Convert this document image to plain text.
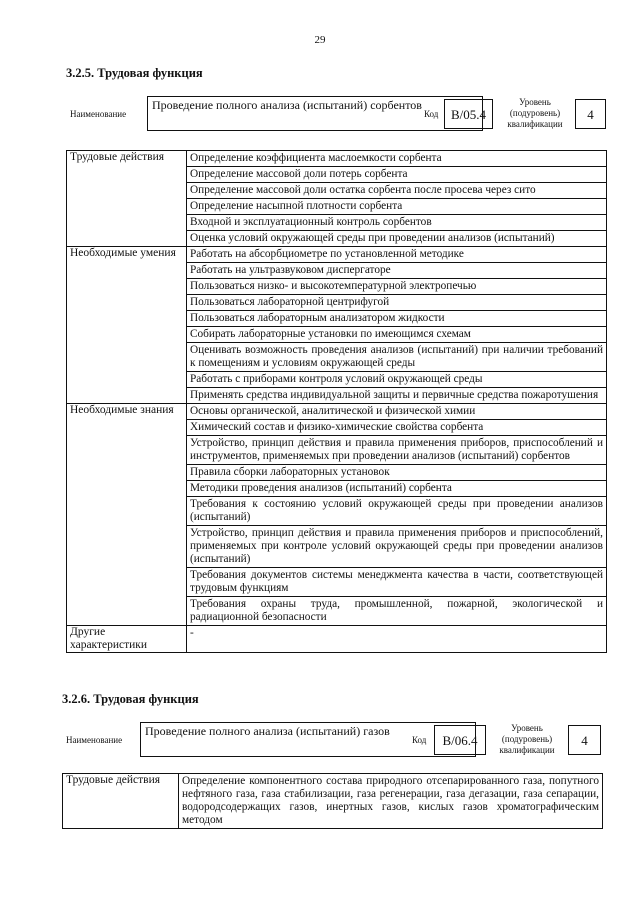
29
3.2.5. Трудовая функция
Наименование
Проведение полного анализа (испытаний) сорбентов
Код B/05.4
Уровень (подуровень) квалификации
4
Трудовые действия	Определение коэффициента маслоемкости сорбента
	Определение массовой доли потерь сорбента
	Определение массовой доли остатка сорбента после просева через сито
	Определение насыпной плотности сорбента
	Входной и эксплуатационный контроль сорбентов
	Оценка условий окружающей среды при проведении анализов (испытаний)
Необходимые умения	Работать на абсорбциометре по установленной методике
	Работать на ультразвуковом диспергаторе
	Пользоваться низко- и высокотемпературной электропечью
	Пользоваться лабораторной центрифугой
	Пользоваться лабораторным анализатором жидкости
	Собирать лабораторные установки по имеющимся схемам
	Оценивать возможность проведения анализов (испытаний) при наличии требований к помещениям и условиям окружающей среды
	Работать с приборами контроля условий окружающей среды
	Применять средства индивидуальной защиты и первичные средства пожаротушения
Необходимые знания	Основы органической, аналитической и физической химии
	Химический состав и физико-химические свойства сорбента
	Устройство, принцип действия и правила применения приборов, приспособлений и инструментов, применяемых при проведении анализов (испытаний) сорбентов
	Правила сборки лабораторных установок
	Методики проведения анализов (испытаний) сорбента
	Требования к состоянию условий окружающей среды при проведении анализов (испытаний)
	Устройство, принцип действия и правила применения приборов и приспособлений, применяемых при контроле условий окружающей среды при проведении анализов (испытаний)
	Требования документов системы менеджмента качества в части, соответствующей трудовым функциям
	Требования охраны труда, промышленной, пожарной, экологической и радиационной безопасности
Другие характеристики	-
3.2.6. Трудовая функция
Наименование
Проведение полного анализа (испытаний) газов
Код B/06.4
Уровень (подуровень) квалификации
4
Трудовые действия	Определение компонентного состава природного отсепарированного газа, попутного нефтяного газа, газа стабилизации, газа регенерации, газа дегазации, газа сепарации, водородсодержащих газов, инертных газов, кислых газов хроматографическим методом
